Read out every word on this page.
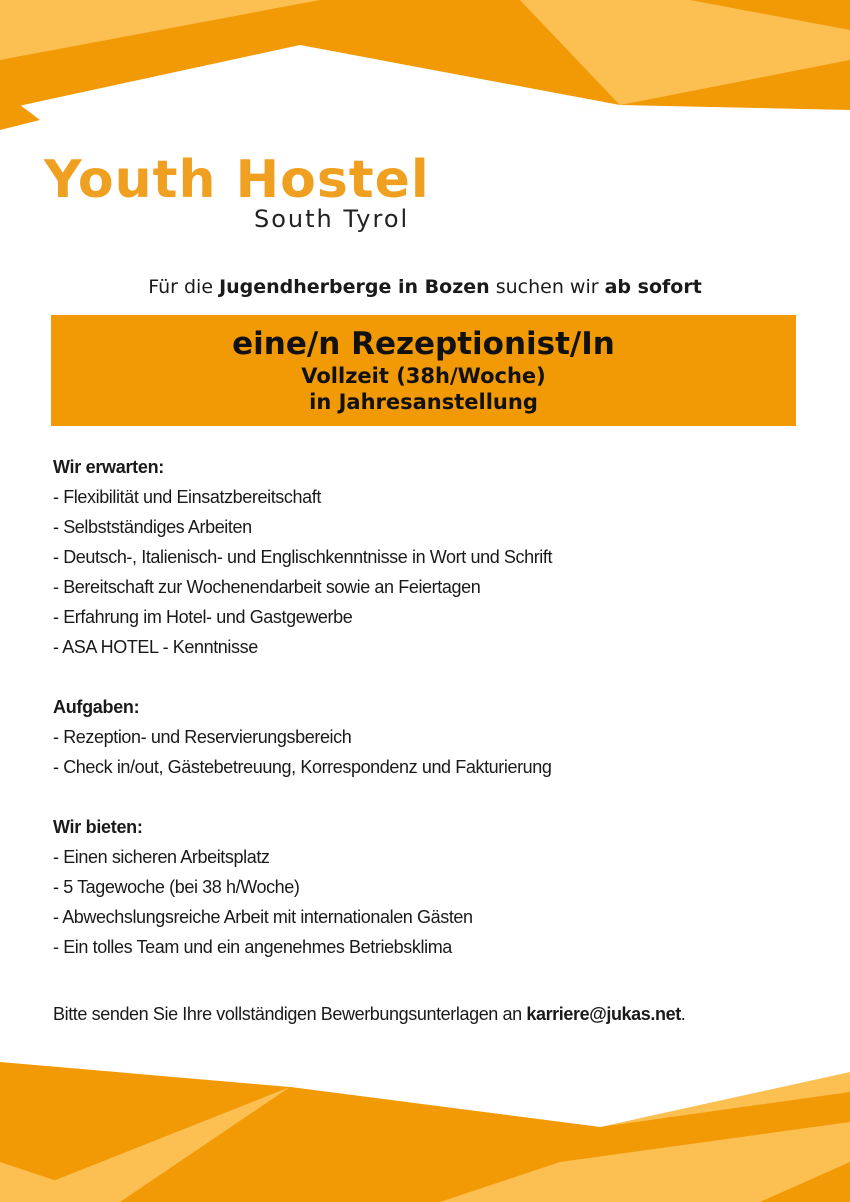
Youth Hostel
South Tyrol
Für die Jugendherberge in Bozen suchen wir ab sofort
eine/n Rezeptionist/In
Vollzeit (38h/Woche)
in Jahresanstellung

Wir erwarten:

- Flexibilität und Einsatzbereitschaft
- Selbstständiges Arbeiten
- Deutsch-, Italienisch- und Englischkenntnisse in Wort und Schrift
- Bereitschaft zur Wochenendarbeit sowie an Feiertagen
- Erfahrung im Hotel- und Gastgewerbe
- ASA HOTEL - Kenntnisse

Aufgaben:

- Rezeption- und Reservierungsbereich
- Check in/out, Gästebetreuung, Korrespondenz und Fakturierung

Wir bieten:

- Einen sicheren Arbeitsplatz
- 5 Tagewoche (bei 38 h/Woche)
- Abwechslungsreiche Arbeit mit internationalen Gästen
- Ein tolles Team und ein angenehmes Betriebsklima
Bitte senden Sie Ihre vollständigen Bewerbungsunterlagen an karriere@jukas.net.
